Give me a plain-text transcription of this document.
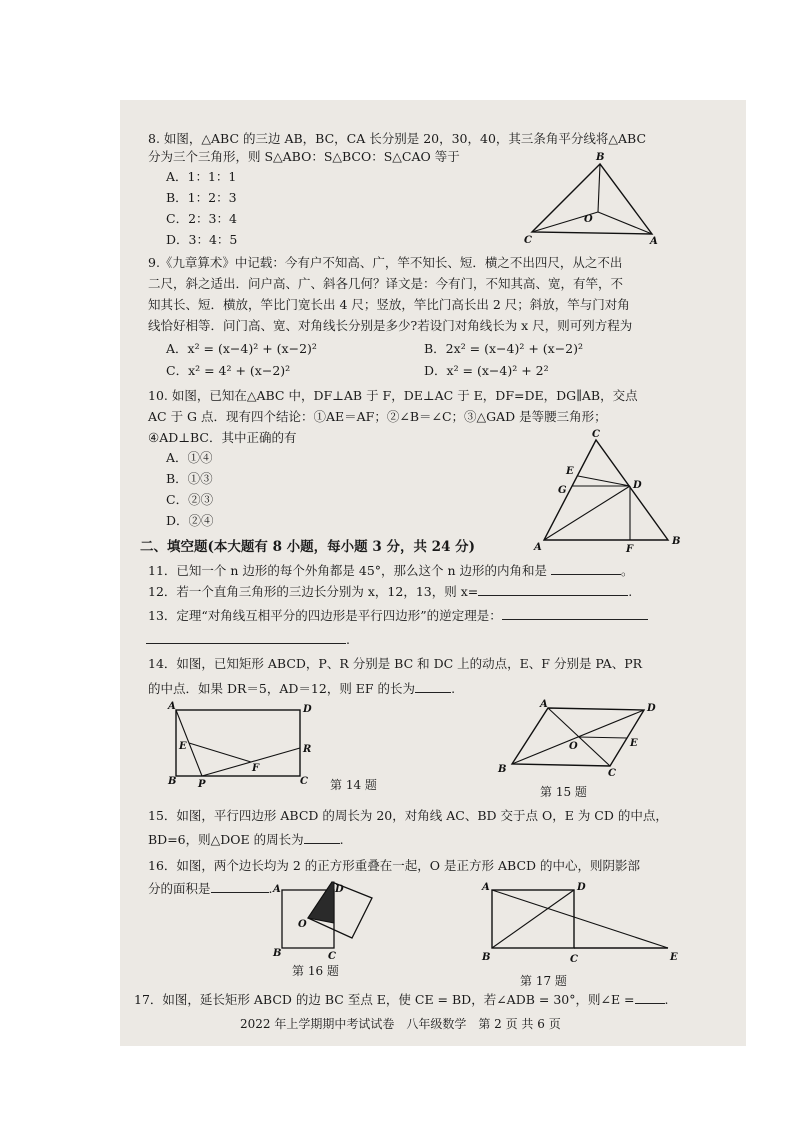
8. 如图，△ABC 的三边 AB，BC，CA 长分别是 20，30，40，其三条角平分线将△ABC
分为三个三角形，则 S△ABO：S△BCO：S△CAO 等于
A．1：1：1
B．1：2：3
C．2：3：4
D．3：4：5
B
O
C	A
9.《九章算术》中记载：今有户不知高、广，竿不知长、短．横之不出四尺，从之不出
二尺，斜之适出．问户高、广、斜各几何？译文是：今有门，不知其高、宽，有竿，不
知其长、短．横放，竿比门宽长出 4 尺；竖放，竿比门高长出 2 尺；斜放，竿与门对角
线恰好相等．问门高、宽、对角线长分别是多少?若设门对角线长为 x 尺，则可列方程为
A．x² = (x−4)² + (x−2)²	B．2x² = (x−4)² + (x−2)²
C．x² = 4² + (x−2)²	D．x² = (x−4)² + 2²
10. 如图，已知在△ABC 中，DF⊥AB 于 F，DE⊥AC 于 E，DF=DE，DG∥AB，交点
AC 于 G 点．现有四个结论：①AE＝AF；②∠B＝∠C；③△GAD 是等腰三角形；
④AD⊥BC．其中正确的有
A．①④
B．①③
C．②③
D．②④
C
E
G	D
A	F
B
二、填空题(本大题有 8 小题，每小题 3 分，共 24 分)
11．已知一个 n 边形的每个外角都是 45°，那么这个 n 边形的内角和是	。
12．若一个直角三角形的三边长分别为 x，12，13，则 x=	.
13．定理“对角线互相平分的四边形是平行四边形”的逆定理是：
.
14．如图，已知矩形 ABCD，P、R 分别是 BC 和 DC 上的动点，E、F 分别是 PA、PR
的中点．如果 DR＝5，AD＝12，则 EF 的长为	.
A	D
E	R
F
B P	C 第 14 题
A	D
O	E
B	C
第 15 题
15．如图，平行四边形 ABCD 的周长为 20，对角线 AC、BD 交于点 O，E 为 CD 的中点，
BD=6，则△DOE 的周长为	.
16．如图，两个边长均为 2 的正方形重叠在一起，O 是正方形 ABCD 的中心，则阴影部
分的面积是	. A	D
O
B	C
第 16 题
A	D
B	C	E
第 17 题
17．如图，延长矩形 ABCD 的边 BC 至点 E，使 CE = BD，若∠ADB = 30°，则∠E = .
2022 年上学期期中考试试卷　八年级数学　第 2 页 共 6 页
